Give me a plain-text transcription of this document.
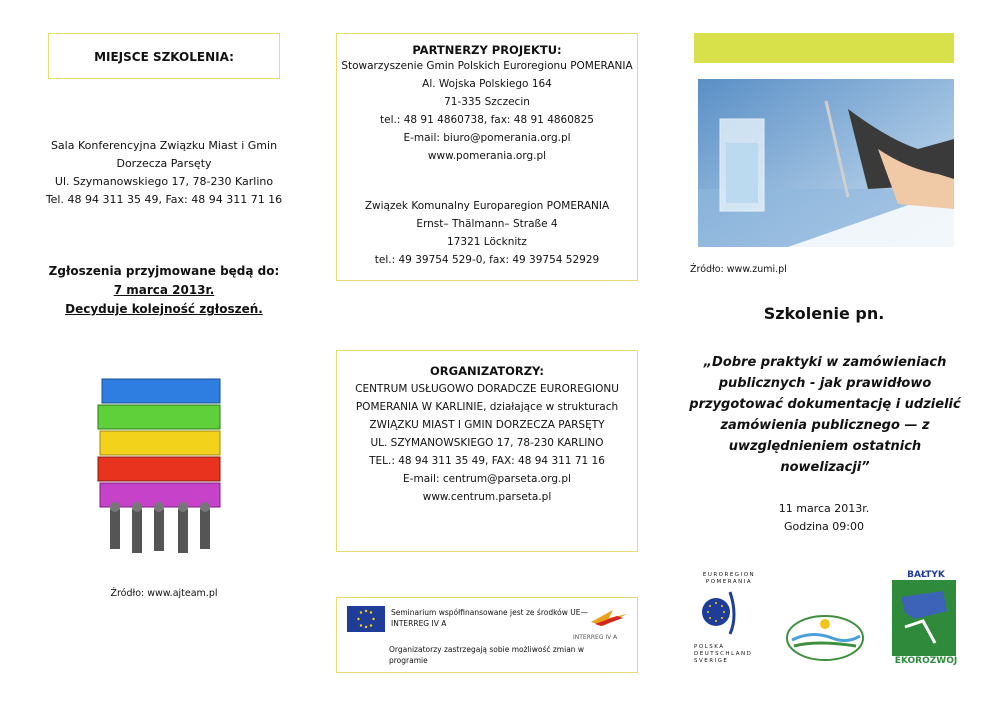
MIEJSCE SZKOLENIA:
Sala Konferencyjna Związku Miast i Gmin
Dorzecza Parsęty
Ul. Szymanowskiego 17, 78-230 Karlino
Tel. 48 94 311 35 49, Fax: 48 94 311 71 16
Zgłoszenia przyjmowane będą do:
7 marca 2013r.
Decyduje kolejność zgłoszeń.
Źródło: www.ajteam.pl
PARTNERZY PROJEKTU:
Stowarzyszenie Gmin Polskich Euroregionu POMERANIA
Al. Wojska Polskiego 164
71-335 Szczecin
tel.: 48 91 4860738, fax: 48 91 4860825
E-mail: biuro@pomerania.org.pl
www.pomerania.org.pl
Związek Komunalny Europaregion POMERANIA
Ernst– Thälmann– Straße 4
17321 Löcknitz
tel.: 49 39754 529-0, fax: 49 39754 52929
ORGANIZATORZY:
CENTRUM USŁUGOWO DORADCZE EUROREGIONU
POMERANIA W KARLINIE, działające w strukturach
ZWIĄZKU MIAST I GMIN DORZECZA PARSĘTY
UL. SZYMANOWSKIEGO 17, 78-230 KARLINO
TEL.: 48 94 311 35 49, FAX: 48 94 311 71 16
E-mail: centrum@parseta.org.pl
www.centrum.parseta.pl
Seminarium współfinansowane jest ze środków UE—
INTERREG IV A
INTERREG IV A
Organizatorzy zastrzegają sobie możliwość zmian w
programie
Źródło: www.zumi.pl
Szkolenie pn.
„Dobre praktyki w zamówieniach
publicznych - jak prawidłowo
przygotować dokumentację i udzielić
zamówienia publicznego — z
uwzględnieniem ostatnich
nowelizacji”
11 marca 2013r.
Godzina 09:00
EUROREGION
POMERANIA
POLSKA
DEUTSCHLAND
SVERIGE
BAŁTYK
REGIONU
EKOROZWÓJ
